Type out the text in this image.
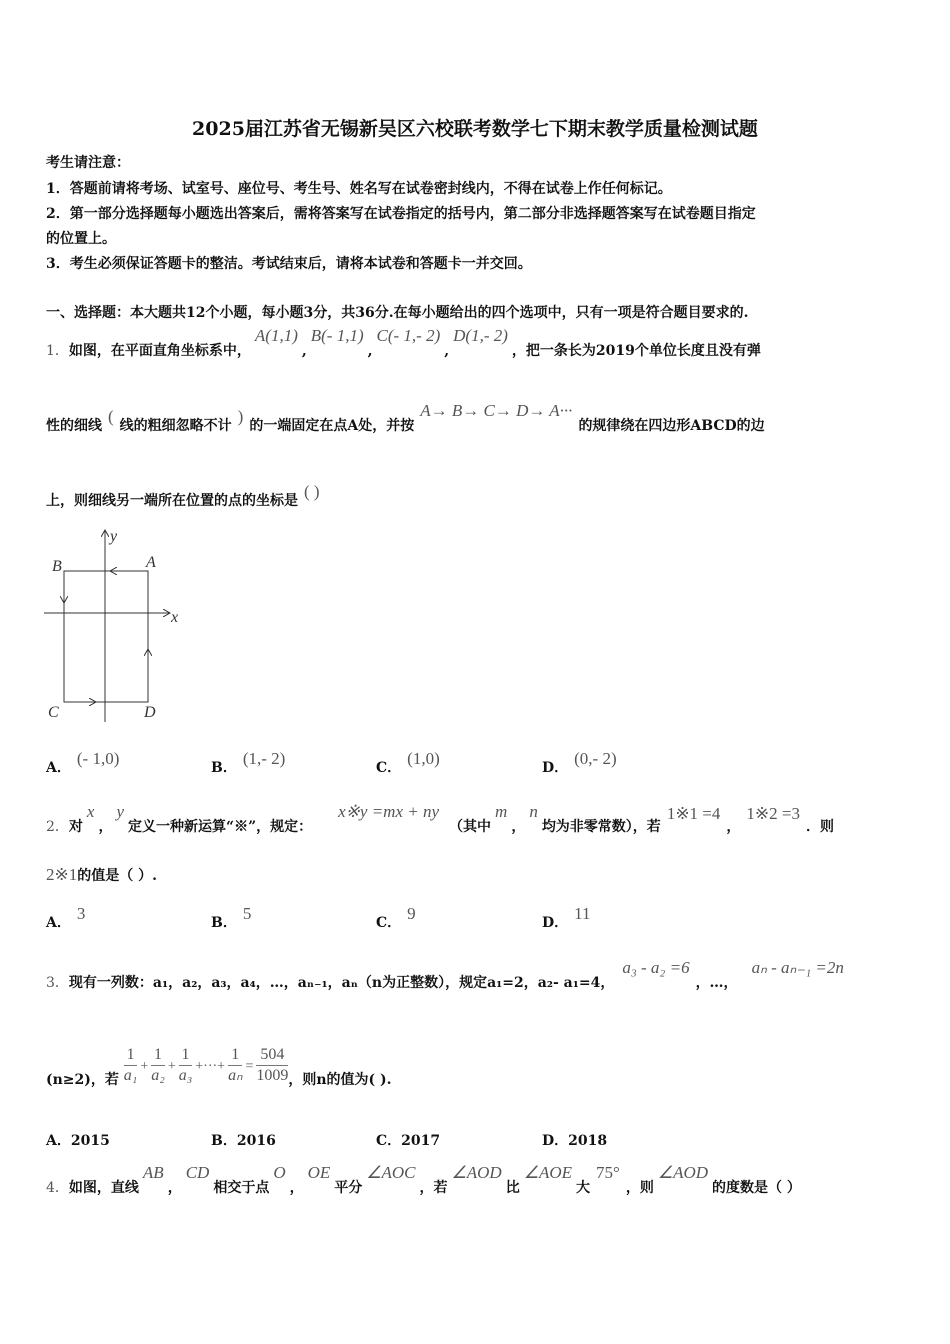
2025届江苏省无锡新吴区六校联考数学七下期末教学质量检测试题
考生请注意：
1．答题前请将考场、试室号、座位号、考生号、姓名写在试卷密封线内，不得在试卷上作任何标记。
2．第一部分选择题每小题选出答案后，需将答案写在试卷指定的括号内，第二部分非选择题答案写在试卷题目指定
的位置上。
3．考生必须保证答题卡的整洁。考试结束后，请将本试卷和答题卡一并交回。
一、选择题：本大题共12个小题，每小题3分，共36分.在每小题给出的四个选项中，只有一项是符合题目要求的.
1．如图，在平面直角坐标系中，A(1,1),B(- 1,1),C(- 1,- 2),D(1,- 2)，把一条长为2019个单位长度且没有弹
性的细线 ( 线的粗细忽略不计 ) 的一端固定在点A处，并按A→ B→ C→ D→ A···的规律绕在四边形ABCD的边
上，则细线另一端所在位置的点的坐标是 ( )
y
x
A
B
C	D
A． (- 1,0)	B． (1,- 2)	C． (1,0)	D． (0,- 2)
2．对x，y定义一种新运算“※”，规定：x※y =mx + ny（其中m，n均为非零常数），若1※1 =4，1※2 =3．则
2※1的值是（ ）.
A． 3	B． 5	C． 9	D． 11
3．现有一列数：a₁，a₂，a₃，a₄，…，aₙ₋₁，aₙ（n为正整数），规定a₁=2，a₂- a₁=4，a₃ - a₂ =6，…，aₙ - aₙ₋₁ =2n
(n≥2)，若 $\frac{1}{\text{a₁}} + \frac{1}{\text{a₂}} + \frac{1}{\text{a₃}}$ +···+ $\frac{1}{\text{aₙ}} = \frac{504}{1009}$ ，则n的值为( ).
A．2015	B．2016	C．2017	D．2018
4．如图，直线AB，CD相交于点O，OE平分∠AOC，若∠AOD比∠AOE大75°，则∠AOD的度数是（ ）
